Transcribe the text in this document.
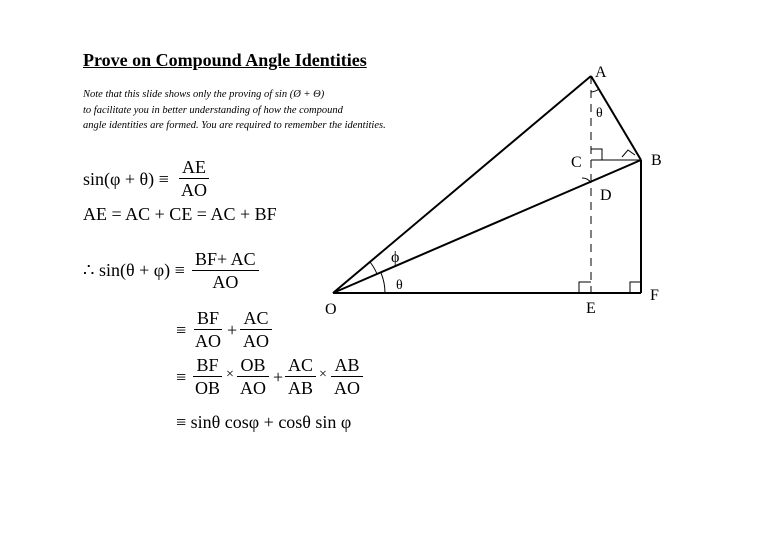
Prove on Compound Angle Identities
Note that this slide shows only the proving of sin (Ø + Θ)
to facilitate you in better understanding of how the compound
angle identities are formed. You are required to remember the identities.
$\sin(\varphi + \theta) \equiv \frac{AE}{AO}$
AE = AC + CE = AC + BF
∴ $\sin(\theta + \varphi) \equiv \frac{BF+ AC}{AO}$
≡ $\frac{BF}{AO} + \frac{AC}{AO}$
≡ $\frac{BF}{OB} \times \frac{OB}{AO} + \frac{AC}{AB} \times \frac{AB}{AO}$
≡ sinθ cosφ + cosθ sin φ
A
B
C
D
E
F
O
ϕ
θ
θ
